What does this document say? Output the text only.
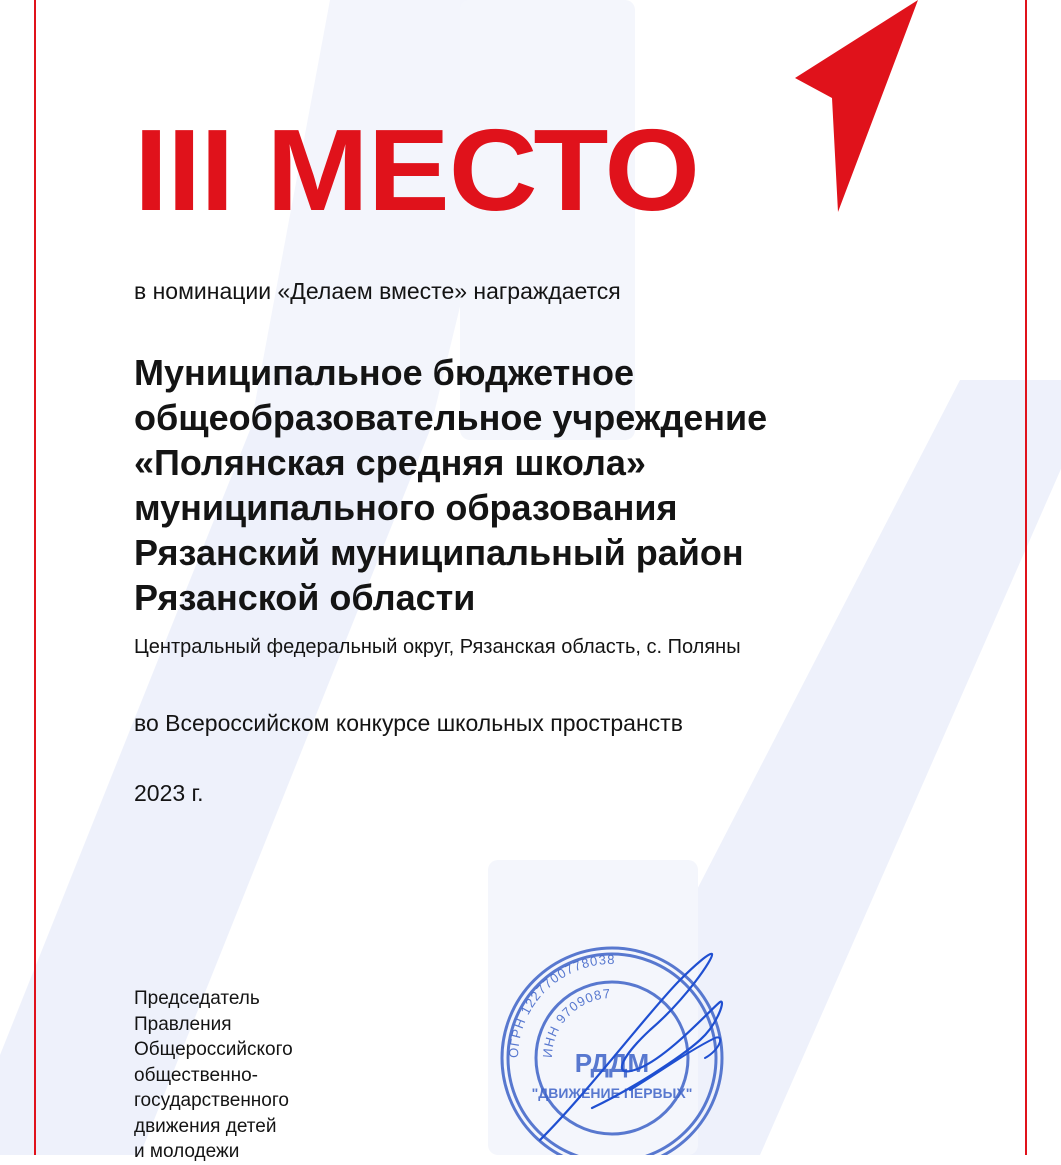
III МЕСТО

в номинации «Делаем вместе» награждается

Муниципальное бюджетное
общеобразовательное учреждение
«Полянская средняя школа»
муниципального образования
Рязанский муниципальный район
Рязанской области

Центральный федеральный округ, Рязанская область, с. Поляны

во Всероссийском конкурсе школьных пространств

2023 г.

Председатель
Правления
Общероссийского
общественно-
государственного
движения детей
и молодежи
ОГРН 1227700778038
ИНН 9709087
РДДМ
"ДВИЖЕНИЕ ПЕРВЫХ"
